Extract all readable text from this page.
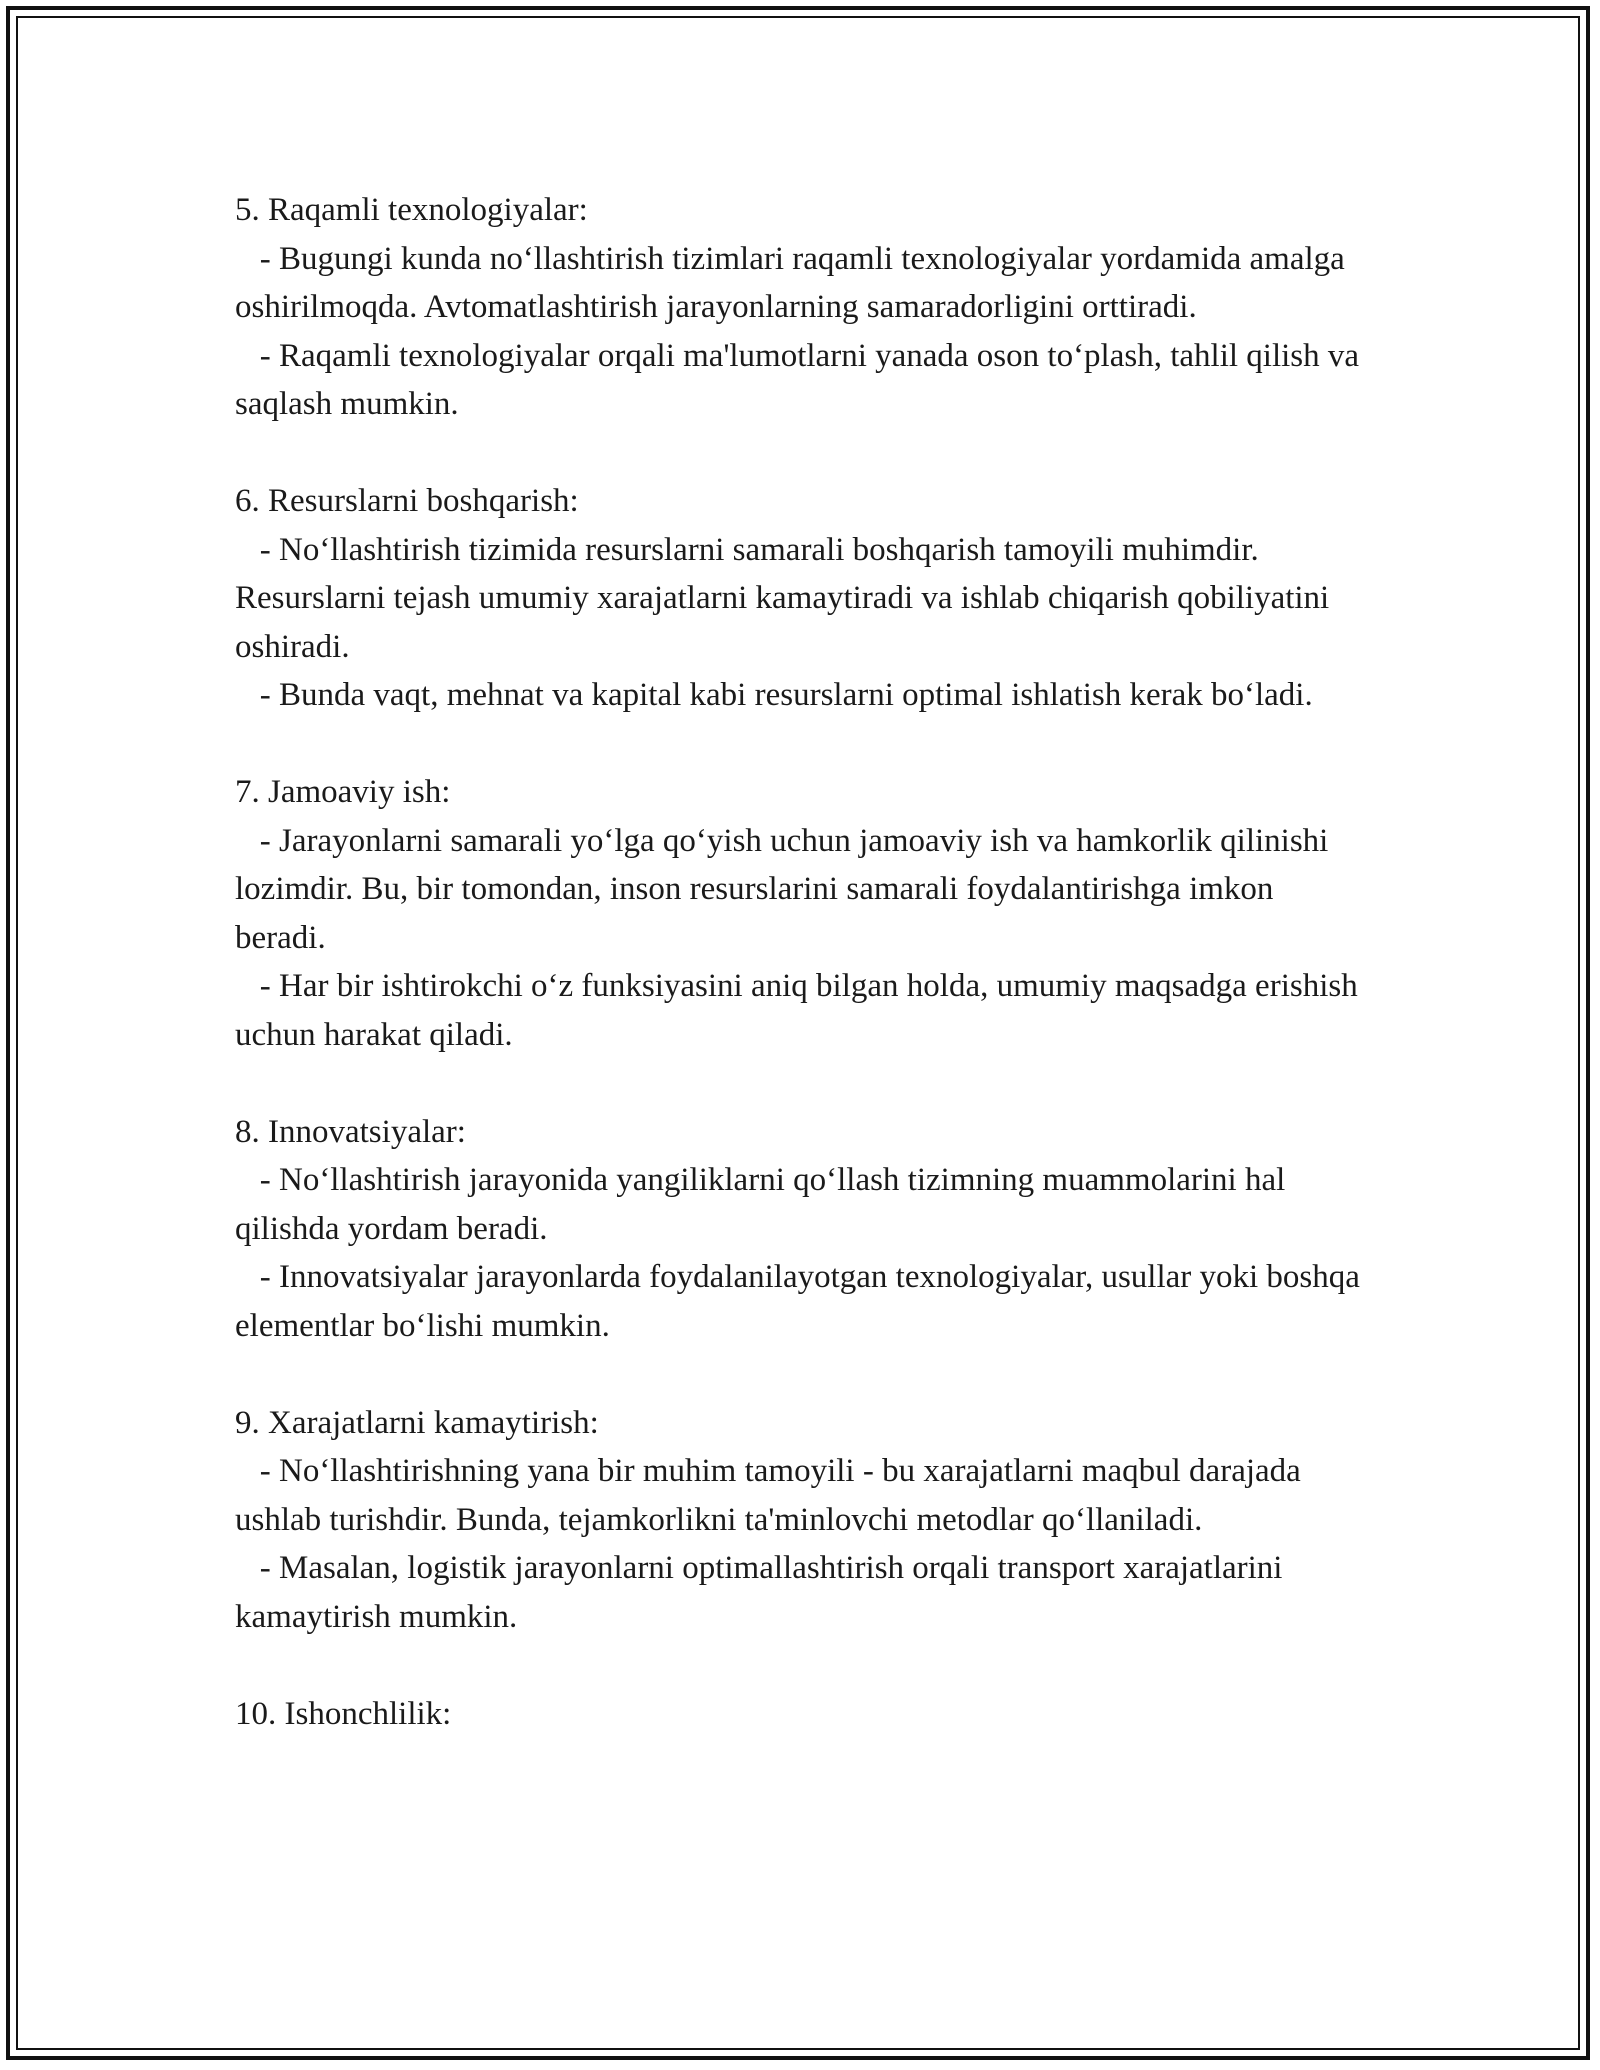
5. Raqamli texnologiyalar:

- Bugungi kunda no‘llashtirish tizimlari raqamli texnologiyalar yordamida amalga oshirilmoqda. Avtomatlashtirish jarayonlarning samaradorligini orttiradi.

- Raqamli texnologiyalar orqali ma'lumotlarni yanada oson to‘plash, tahlil qilish va saqlash mumkin.

6. Resurslarni boshqarish:

- No‘llashtirish tizimida resurslarni samarali boshqarish tamoyili muhimdir. Resurslarni tejash umumiy xarajatlarni kamaytiradi va ishlab chiqarish qobiliyatini oshiradi.

- Bunda vaqt, mehnat va kapital kabi resurslarni optimal ishlatish kerak bo‘ladi.

7. Jamoaviy ish:

- Jarayonlarni samarali yo‘lga qo‘yish uchun jamoaviy ish va hamkorlik qilinishi lozimdir. Bu, bir tomondan, inson resurslarini samarali foydalantirishga imkon beradi.

- Har bir ishtirokchi o‘z funksiyasini aniq bilgan holda, umumiy maqsadga erishish uchun harakat qiladi.

8. Innovatsiyalar:

- No‘llashtirish jarayonida yangiliklarni qo‘llash tizimning muammolarini hal qilishda yordam beradi.

- Innovatsiyalar jarayonlarda foydalanilayotgan texnologiyalar, usullar yoki boshqa elementlar bo‘lishi mumkin.

9. Xarajatlarni kamaytirish:

- No‘llashtirishning yana bir muhim tamoyili - bu xarajatlarni maqbul darajada ushlab turishdir. Bunda, tejamkorlikni ta'minlovchi metodlar qo‘llaniladi.

- Masalan, logistik jarayonlarni optimallashtirish orqali transport xarajatlarini kamaytirish mumkin.

10. Ishonchlilik:
